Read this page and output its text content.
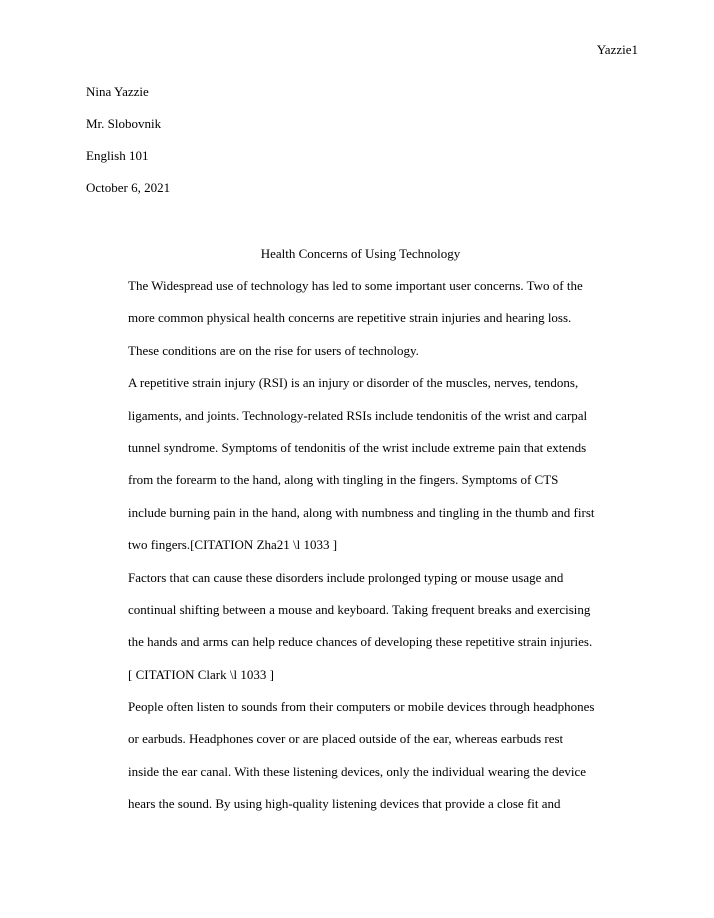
Yazzie1
Nina Yazzie
Mr. Slobovnik
English 101
October 6, 2021
Health Concerns of Using Technology
The Widespread use of technology has led to some important user concerns. Two of the
more common physical health concerns are repetitive strain injuries and hearing loss.
These conditions are on the rise for users of technology.
A repetitive strain injury (RSI) is an injury or disorder of the muscles, nerves, tendons,
ligaments, and joints. Technology-related RSIs include tendonitis of the wrist and carpal
tunnel syndrome. Symptoms of tendonitis of the wrist include extreme pain that extends
from the forearm to the hand, along with tingling in the fingers. Symptoms of CTS
include burning pain in the hand, along with numbness and tingling in the thumb and first
two fingers.[CITATION Zha21 \l 1033 ]
Factors that can cause these disorders include prolonged typing or mouse usage and
continual shifting between a mouse and keyboard. Taking frequent breaks and exercising
the hands and arms can help reduce chances of developing these repetitive strain injuries.
[ CITATION Clark \l 1033 ]
People often listen to sounds from their computers or mobile devices through headphones
or earbuds. Headphones cover or are placed outside of the ear, whereas earbuds rest
inside the ear canal. With these listening devices, only the individual wearing the device
hears the sound. By using high-quality listening devices that provide a close fit and
